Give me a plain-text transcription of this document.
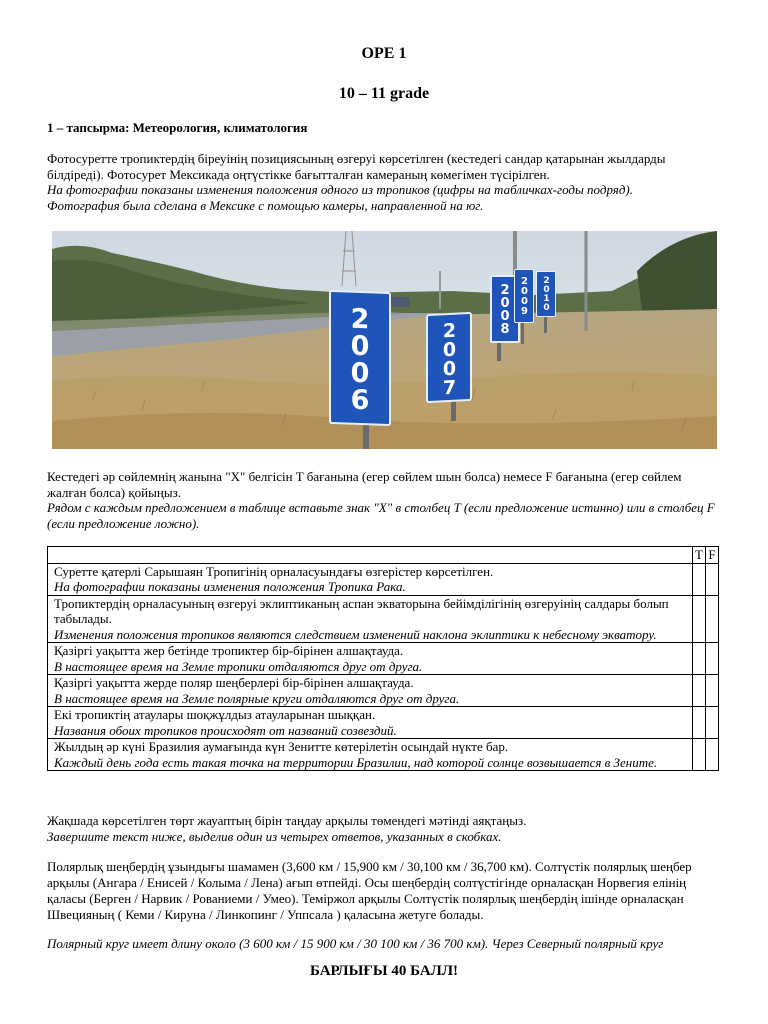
ОРЕ 1
10 – 11 grade
1 – тапсырма: Метеорология, климатология
Фотосуретте тропиктердің біреуінің позициясының өзгеруі көрсетілген (кестедегі сандар қатарынан жылдарды білдіреді). Фотосурет Мексикада оңтүстікке бағытталған камераның көмегімен түсірілген.
На фотографии показаны изменения положения одного из тропиков (цифры на табличках-годы подряд).
Фотография была сделана в Мексике с помощью камеры, направленной на юг.
2006	2007
2008 2009 2010
Кестедегі әр сөйлемнің жанына "X" белгісін T бағанына (егер сөйлем шын болса) немесе F бағанына (егер сөйлем жалған болса) қойыңыз.
Рядом с каждым предложением в таблице вставьте знак "X" в столбец T (если предложение истинно) или в столбец F (если предложение ложно).
	T	F

Суретте қатерлі Сарышаян Тропигінің орналасуындағы өзгерістер көрсетілген.
На фотографии показаны изменения положения Тропика Рака.		

Тропиктердің орналасуының өзгеруі эклиптиканың аспан экваторына бейімділігінің өзгеруінің салдары болып табылады.
Изменения положения тропиков являются следствием изменений наклона эклиптики к небесному экватору.		

Қазіргі уақытта жер бетінде тропиктер бір-бірінен алшақтауда.
В настоящее время на Земле тропики отдаляются друг от друга.		

Қазіргі уақытта жерде поляр шеңберлері бір-бірінен алшақтауда.
В настоящее время на Земле полярные круги отдаляются друг от друга.		

Екі тропиктің атаулары шоқжұлдыз атауларынан шыққан.
Названия обоих тропиков происходят от названий созвездий.		

Жылдың әр күні Бразилия аумағында күн Зенитте көтерілетін осындай нүкте бар.
Каждый день года есть такая точка на территории Бразилии, над которой солнце возвышается в Зените.		

Жақшада көрсетілген төрт жауаптың бірін таңдау арқылы төмендегі мәтінді аяқтаңыз.
Завершите текст ниже, выделив один из четырех ответов, указанных в скобках.
Полярлық шеңбердің ұзындығы шамамен (3,600 км / 15,900 км / 30,100 км / 36,700 км). Солтүстік полярлық шеңбер арқылы (Ангара / Енисей / Колыма / Лена) ағып өтпейді. Осы шеңбердің солтүстігінде орналасқан Норвегия елінің қаласы (Берген / Нарвик / Рованиеми / Умео). Теміржол арқылы Солтүстік полярлық шеңбердің ішінде орналасқан Швецияның ( Кеми / Кируна / Линкопинг / Уппсала ) қаласына жетуге болады.
Полярный круг имеет длину около (3 600 км / 15 900 км / 30 100 км / 36 700 км). Через Северный полярный круг
БАРЛЫҒЫ 40 БАЛЛ!
